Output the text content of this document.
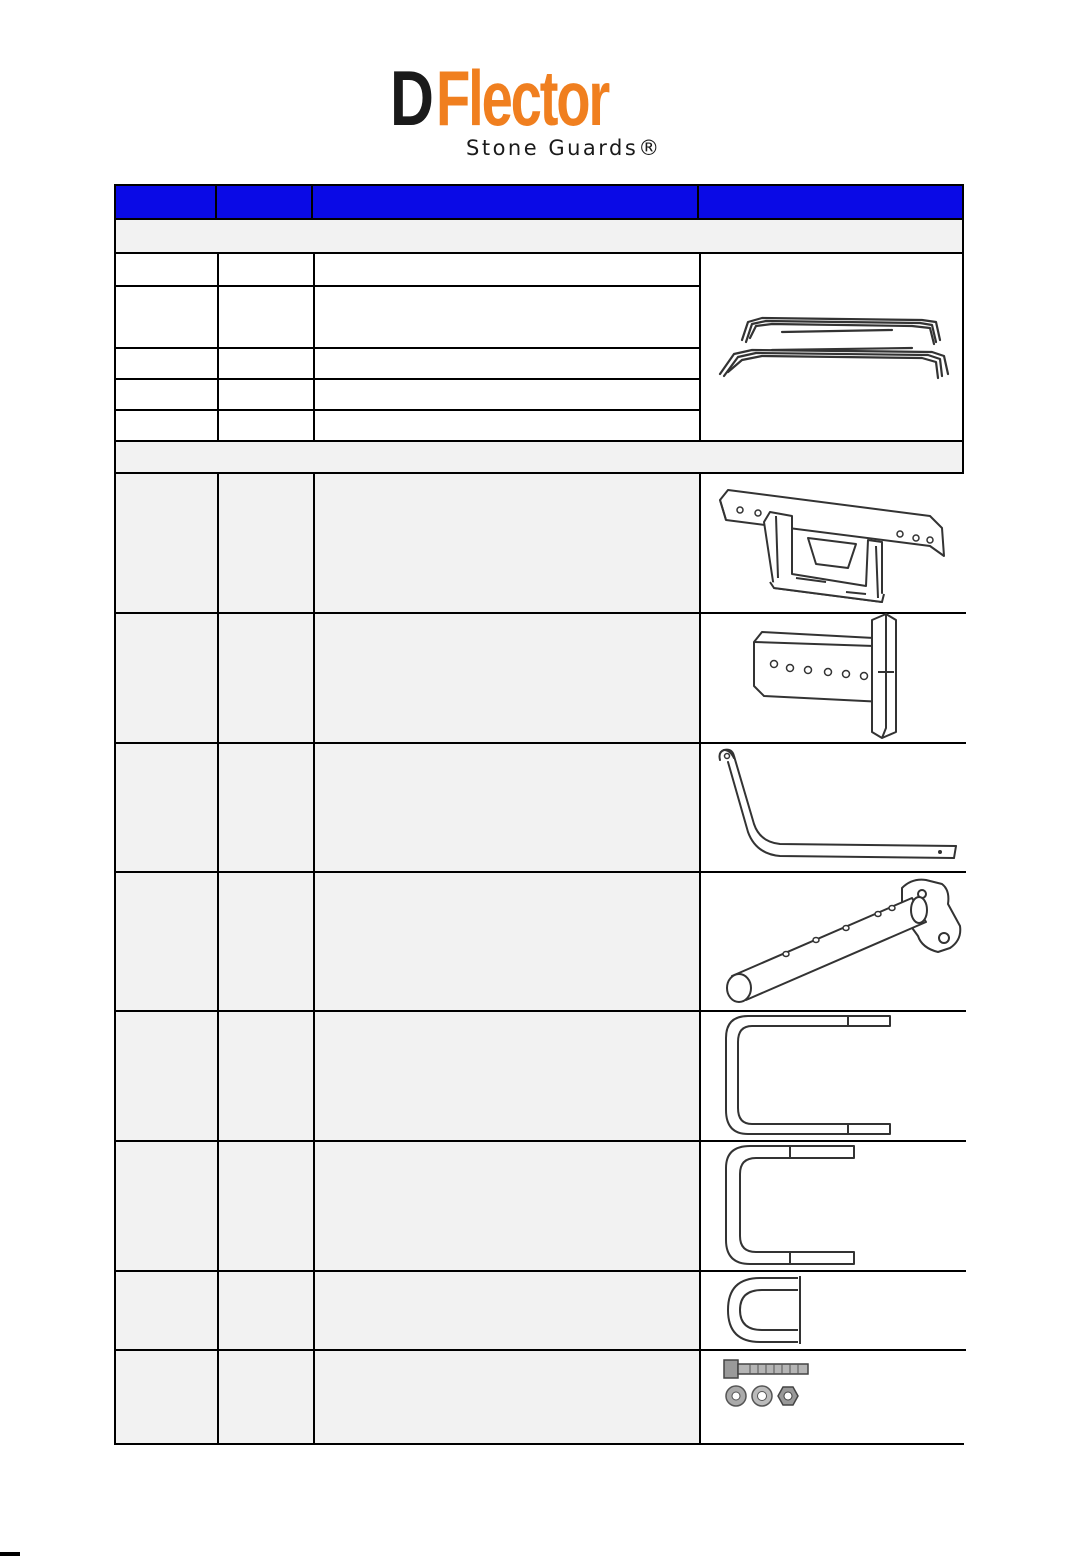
D Flector
Stone Guards®
